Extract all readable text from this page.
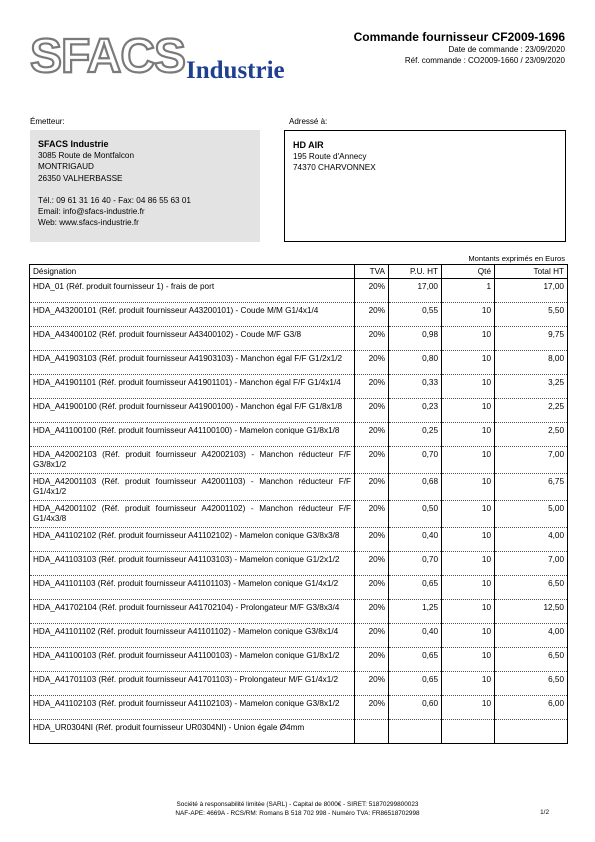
SFACS Industrie
Commande fournisseur CF2009-1696
Date de commande : 23/09/2020
Réf. commande : CO2009-1660 / 23/09/2020
Émetteur:	Adressé à:
SFACS Industrie
3085 Route de Montfalcon
MONTRIGAUD
26350 VALHERBASSE
Tél.: 09 61 31 16 40 - Fax: 04 86 55 63 01
Email: info@sfacs-industrie.fr
Web: www.sfacs-industrie.fr
HD AIR
195 Route d'Annecy
74370 CHARVONNEX
Montants exprimés en Euros
Désignation	TVA	P.U. HT	Qté	Total HT
HDA_01 (Réf. produit fournisseur 1) - frais de port	20%	17,00	1	17,00
HDA_A43200101 (Réf. produit fournisseur A43200101) - Coude M/M G1/4x1/4	20%	0,55	10	5,50
HDA_A43400102 (Réf. produit fournisseur A43400102) - Coude M/F G3/8	20%	0,98	10	9,75
HDA_A41903103 (Réf. produit fournisseur A41903103) - Manchon égal F/F G1/2x1/2	20%	0,80	10	8,00
HDA_A41901101 (Réf. produit fournisseur A41901101) - Manchon égal F/F G1/4x1/4	20%	0,33	10	3,25
HDA_A41900100 (Réf. produit fournisseur A41900100) - Manchon égal F/F G1/8x1/8	20%	0,23	10	2,25
HDA_A41100100 (Réf. produit fournisseur A41100100) - Mamelon conique G1/8x1/8	20%	0,25	10	2,50
HDA_A42002103 (Réf. produit fournisseur A42002103) - Manchon réducteur F/F G3/8x1/2	20%	0,70	10	7,00
HDA_A42001103 (Réf. produit fournisseur A42001103) - Manchon réducteur F/F G1/4x1/2	20%	0,68	10	6,75
HDA_A42001102 (Réf. produit fournisseur A42001102) - Manchon réducteur F/F G1/4x3/8	20%	0,50	10	5,00
HDA_A41102102 (Réf. produit fournisseur A41102102) - Mamelon conique G3/8x3/8	20%	0,40	10	4,00
HDA_A41103103 (Réf. produit fournisseur A41103103) - Mamelon conique G1/2x1/2	20%	0,70	10	7,00
HDA_A41101103 (Réf. produit fournisseur A41101103) - Mamelon conique G1/4x1/2	20%	0,65	10	6,50
HDA_A41702104 (Réf. produit fournisseur A41702104) - Prolongateur M/F G3/8x3/4	20%	1,25	10	12,50
HDA_A41101102 (Réf. produit fournisseur A41101102) - Mamelon conique G3/8x1/4	20%	0,40	10	4,00
HDA_A41100103 (Réf. produit fournisseur A41100103) - Mamelon conique G1/8x1/2	20%	0,65	10	6,50
HDA_A41701103 (Réf. produit fournisseur A41701103) - Prolongateur M/F G1/4x1/2	20%	0,65	10	6,50
HDA_A41102103 (Réf. produit fournisseur A41102103) - Mamelon conique G3/8x1/2	20%	0,60	10	6,00
HDA_UR0304NI (Réf. produit fournisseur UR0304NI) - Union égale Ø4mm				
Société à responsabilité limitée (SARL) - Capital de 8000€ - SIRET: 51870299800023
NAF-APE: 4669A - RCS/RM: Romans B 518 702 998 - Numéro TVA: FR86518702998	1/2
